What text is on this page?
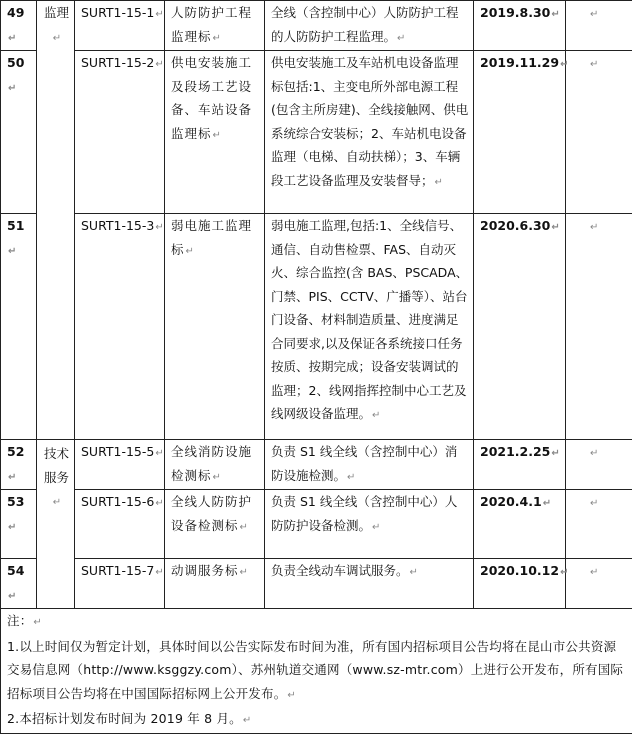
49↵	监理↵	SURT1-15-1↵	人防防护工程监理标↵	全线（含控制中心）人防防护工程的人防防护工程监理。↵	2019.8.30↵	↵
50↵		SURT1-15-2↵	供电安装施工及段场工艺设备、车站设备监理标↵	供电安装施工及车站机电设备监理标包括:1、主变电所外部电源工程(包含主所房建)、全线接触网、供电系统综合安装标；2、车站机电设备监理（电梯、自动扶梯）；3、车辆段工艺设备监理及安装督导；↵	2019.11.29↵	↵
51↵		SURT1-15-3↵	弱电施工监理标↵	弱电施工监理,包括:1、全线信号、通信、自动售检票、FAS、自动灭火、综合监控(含 BAS、PSCADA、门禁、PIS、CCTV、广播等）、站台门设备、材料制造质量、进度满足合同要求,以及保证各系统接口任务按质、按期完成；设备安装调试的监理；2、线网指挥控制中心工艺及线网级设备监理。↵	2020.6.30↵	↵
52↵	技术服务↵	SURT1-15-5↵	全线消防设施检测标↵	负责 S1 线全线（含控制中心）消防设施检测。↵	2021.2.25↵	↵
53↵		SURT1-15-6↵	全线人防防护设备检测标↵	负责 S1 线全线（含控制中心）人防防护设备检测。↵	2020.4.1↵	↵
54↵		SURT1-15-7↵	动调服务标↵	负责全线动车调试服务。↵	2020.10.12↵	↵

注：↵
1.以上时间仅为暂定计划，具体时间以公告实际发布时间为准，所有国内招标项目公告均将在昆山市公共资源交易信息网（http://www.ksggzy.com）、苏州轨道交通网（www.sz-mtr.com）上进行公开发布，所有国际招标项目公告均将在中国国际招标网上公开发布。↵
2.本招标计划发布时间为 2019 年 8 月。↵						
